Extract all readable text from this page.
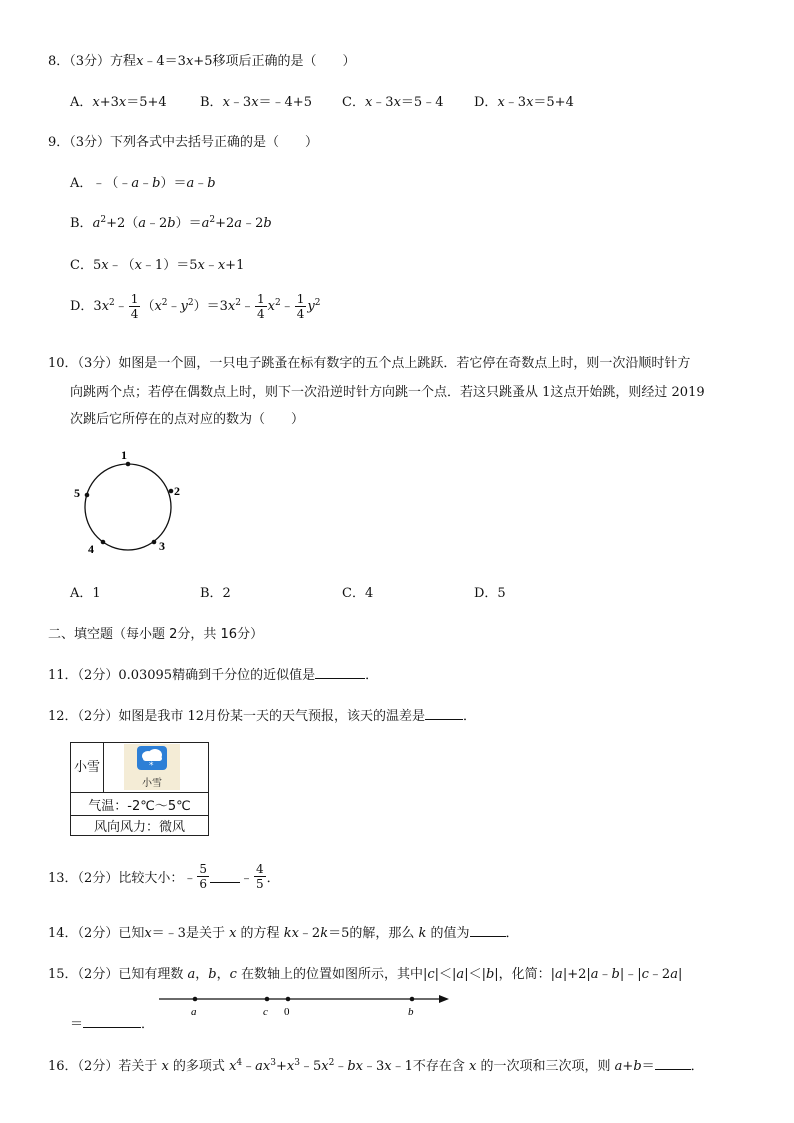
8．（3分）方程x﹣4＝3x+5移项后正确的是（　　）
A．x+3x＝5+4	B．x﹣3x＝﹣4+5 C．x﹣3x＝5﹣4 D．x﹣3x＝5+4
9．（3分）下列各式中去括号正确的是（　　）
A．﹣（﹣a﹣b）＝a﹣b
B．$a^2+2(a﹣2b)=a^2+2a﹣2b$
C．5x﹣（x﹣1）＝5x﹣x+1
D．$3x^2﹣ \frac{1}{4}$ $(x^2﹣y^2)=3x^2﹣ \frac{1}{4}$ $x^2﹣ \frac{1}{4} y^2$
10．（3分）如图是一个圆，一只电子跳蚤在标有数字的五个点上跳跃．若它停在奇数点上时，则一次沿顺时针方
向跳两个点；若停在偶数点上时，则下一次沿逆时针方向跳一个点．若这只跳蚤从 1这点开始跳，则经过 2019
次跳后它所停在的点对应的数为（　　）
1
2
3
4
5
A．1	B．2	C．4	D．5
二、填空题（每小题 2分，共 16分）
11．（2分）0.03095精确到千分位的近似值是	．
12．（2分）如图是我市 12月份某一天的天气预报，该天的温差是	．
小雪	*
小雪

气温：-2℃～5℃
风向风力：微风
13．（2分）比较大小：﹣ $\frac{5}{6}$ ﹣ $\frac{4}{5}$ ．
14．（2分）已知x＝﹣3是关于 x 的方程 kx﹣2k＝5的解，那么 k 的值为	．
15．（2分）已知有理数 a，b，c 在数轴上的位置如图所示，其中|c|＜|a|＜|b|，化简：|a|+2|a﹣b|﹣|c﹣2a|
＝	．
a	c 0	b
16．（2分）若关于 x 的多项式 $x^4﹣ax^3+x^3﹣5x^2﹣bx﹣3x﹣1$不存在含 x 的一次项和三次项，则 a+b＝	．
